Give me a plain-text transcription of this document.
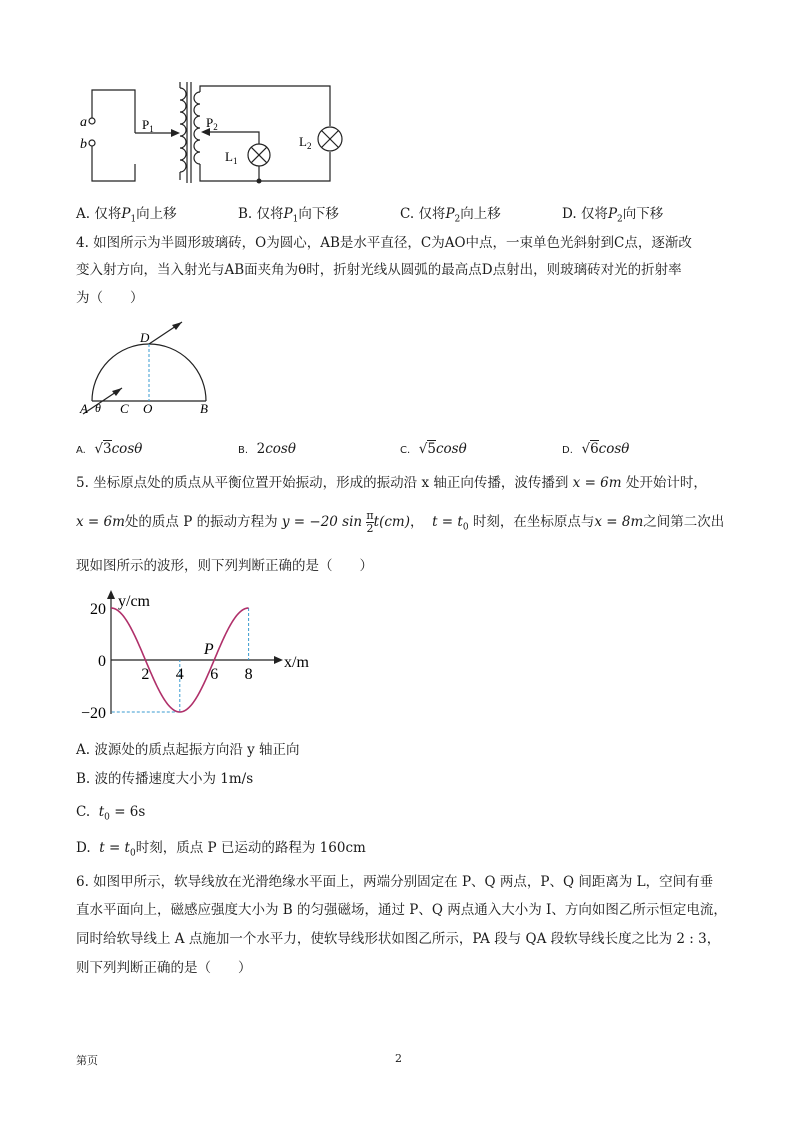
a
b
$P_1$	$P_2$
$L_1$
$L_2$
A. 仅将$P_1$向上移	B. 仅将$P_1$向下移	C. 仅将$P_2$向上移	D. 仅将$P_2$向下移
4. 如图所示为半圆形玻璃砖，O为圆心，AB是水平直径，C为AO中点，一束单色光斜射到C点，逐渐改
变入射方向，当入射光与AB面夹角为θ时，折射光线从圆弧的最高点D点射出，则玻璃砖对光的折射率
为（　　）
A θ C O	B
D
A.  √3cosθ	B. 2cosθ	C.  √5cosθ	D.  √6cosθ
5. 坐标原点处的质点从平衡位置开始振动，形成的振动沿 x 轴正向传播，波传播到 x = 6m 处开始计时，
x = 6m处的质点 P 的振动方程为 y = −20 $\sin \frac{\pi}{2} t(cm)$， $t = t_0$ 时刻，在坐标原点与x = 8m之间第二次出
现如图所示的波形，则下列判断正确的是（　　）
y/cm
x/m
2 4 6 8
20
0
−20
P
A. 波源处的质点起振方向沿 y 轴正向
B. 波的传播速度大小为 1m/s
C. $t_0 = 6s$
D. $t = t_0$时刻，质点 P 已运动的路程为 160cm
6. 如图甲所示，软导线放在光滑绝缘水平面上，两端分别固定在 P、Q 两点，P、Q 间距离为 L，空间有垂
直水平面向上，磁感应强度大小为 B 的匀强磁场，通过 P、Q 两点通入大小为 I、方向如图乙所示恒定电流，
同时给软导线上 A 点施加一个水平力，使软导线形状如图乙所示，PA 段与 QA 段软导线长度之比为 2 : 3，
则下列判断正确的是（　　）
第页	2
